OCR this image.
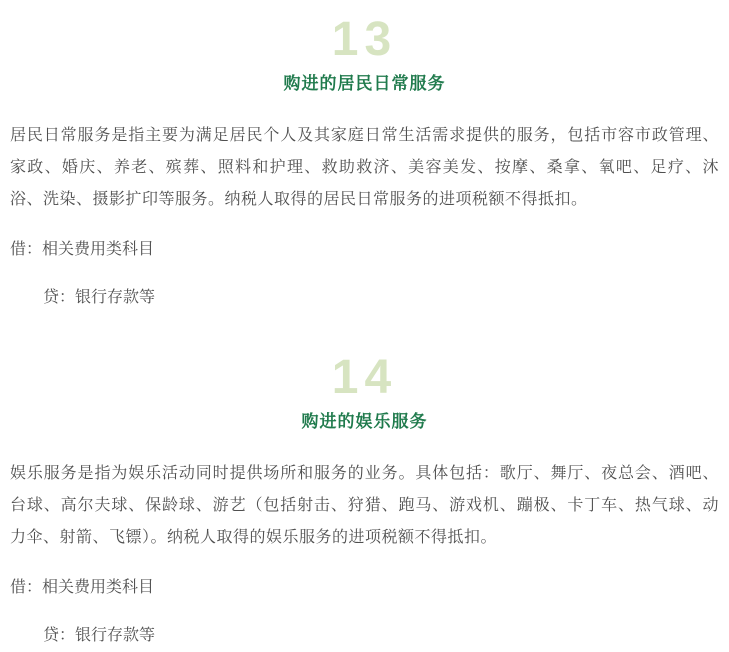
13
购进的居民日常服务

居民日常服务是指主要为满足居民个人及其家庭日常生活需求提供的服务，包括市容市政管理、家政、婚庆、养老、殡葬、照料和护理、救助救济、美容美发、按摩、桑拿、氧吧、足疗、沐浴、洗染、摄影扩印等服务。纳税人取得的居民日常服务的进项税额不得抵扣。

借：相关费用类科目
贷：银行存款等
14
购进的娱乐服务

娱乐服务是指为娱乐活动同时提供场所和服务的业务。具体包括：歌厅、舞厅、夜总会、酒吧、台球、高尔夫球、保龄球、游艺（包括射击、狩猎、跑马、游戏机、蹦极、卡丁车、热气球、动力伞、射箭、飞镖）。纳税人取得的娱乐服务的进项税额不得抵扣。

借：相关费用类科目
贷：银行存款等
